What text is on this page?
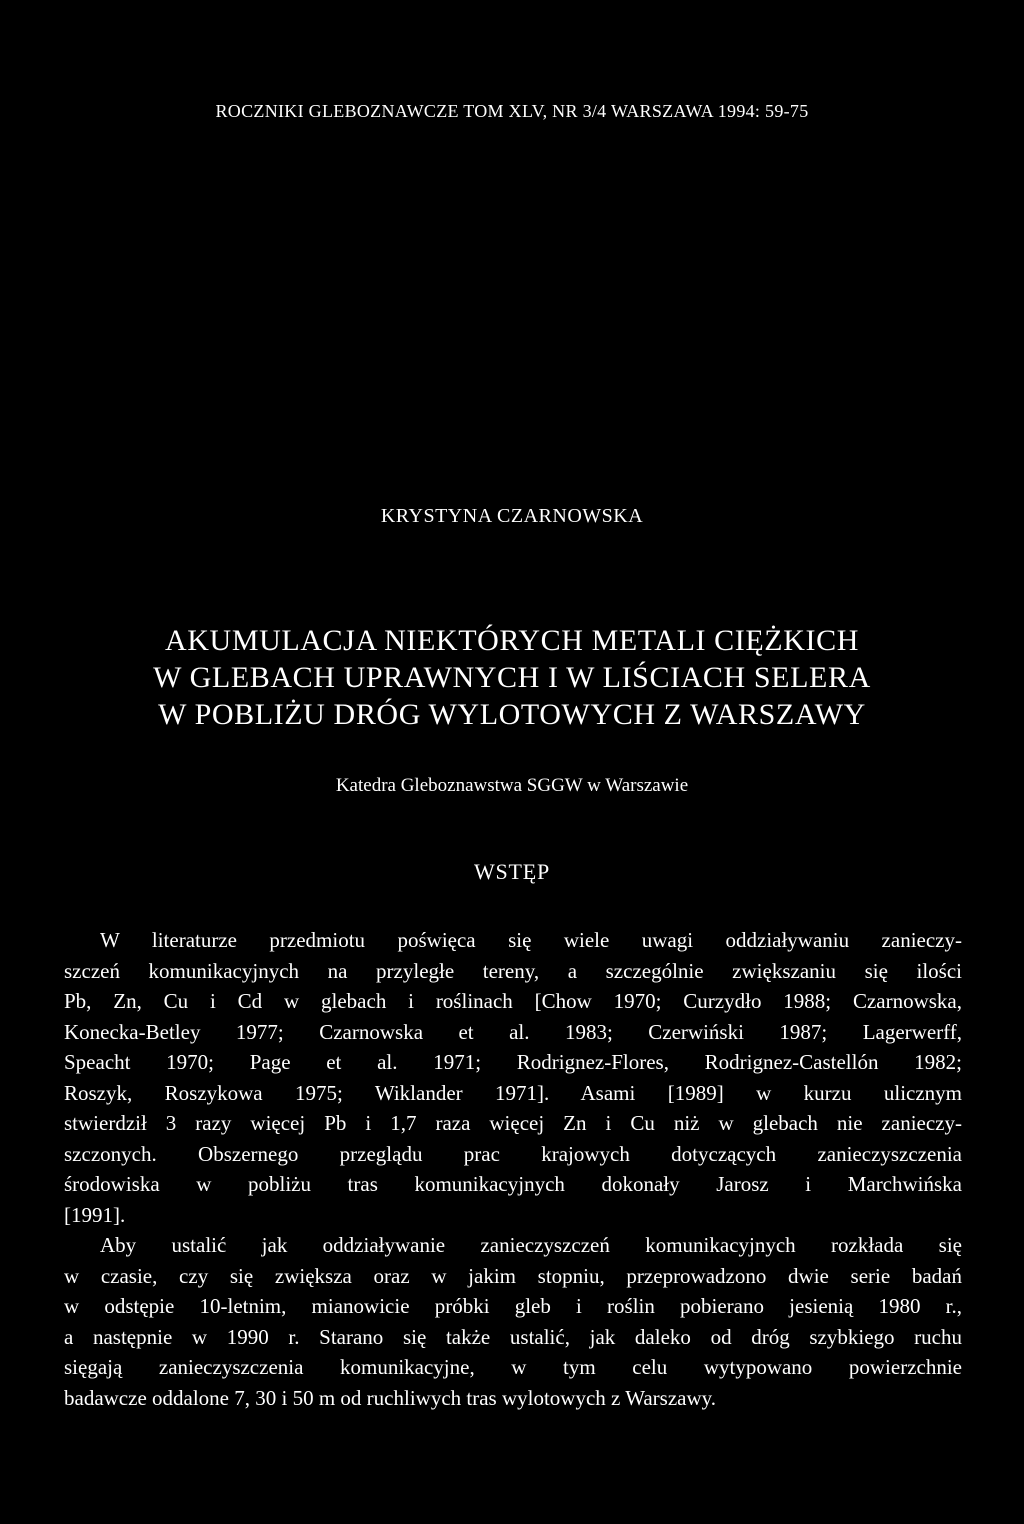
ROCZNIKI GLEBOZNAWCZE TOM XLV, NR 3/4 WARSZAWA 1994: 59-75
KRYSTYNA CZARNOWSKA
AKUMULACJA NIEKTÓRYCH METALI CIĘŻKICH
W GLEBACH UPRAWNYCH I W LIŚCIACH SELERA
W POBLIŻU DRÓG WYLOTOWYCH Z WARSZAWY
Katedra Gleboznawstwa SGGW w Warszawie
WSTĘP
W literaturze przedmiotu poświęca się wiele uwagi oddziaływaniu zanieczy-
szczeń komunikacyjnych na przyległe tereny, a szczególnie zwiększaniu się ilości
Pb, Zn, Cu i Cd w glebach i roślinach [Chow 1970; Curzydło 1988; Czarnowska,
Konecka-Betley 1977; Czarnowska et al. 1983; Czerwiński 1987; Lagerwerff,
Speacht 1970; Page et al. 1971; Rodrignez-Flores, Rodrignez-Castellón 1982;
Roszyk, Roszykowa 1975; Wiklander 1971]. Asami [1989] w kurzu ulicznym
stwierdził 3 razy więcej Pb i 1,7 raza więcej Zn i Cu niż w glebach nie zanieczy-
szczonych. Obszernego przeglądu prac krajowych dotyczących zanieczyszczenia
środowiska w pobliżu tras komunikacyjnych dokonały Jarosz i Marchwińska
[1991].
Aby ustalić jak oddziaływanie zanieczyszczeń komunikacyjnych rozkłada się
w czasie, czy się zwiększa oraz w jakim stopniu, przeprowadzono dwie serie badań
w odstępie 10-letnim, mianowicie próbki gleb i roślin pobierano jesienią 1980 r.,
a następnie w 1990 r. Starano się także ustalić, jak daleko od dróg szybkiego ruchu
sięgają zanieczyszczenia komunikacyjne, w tym celu wytypowano powierzchnie
badawcze oddalone 7, 30 i 50 m od ruchliwych tras wylotowych z Warszawy.
